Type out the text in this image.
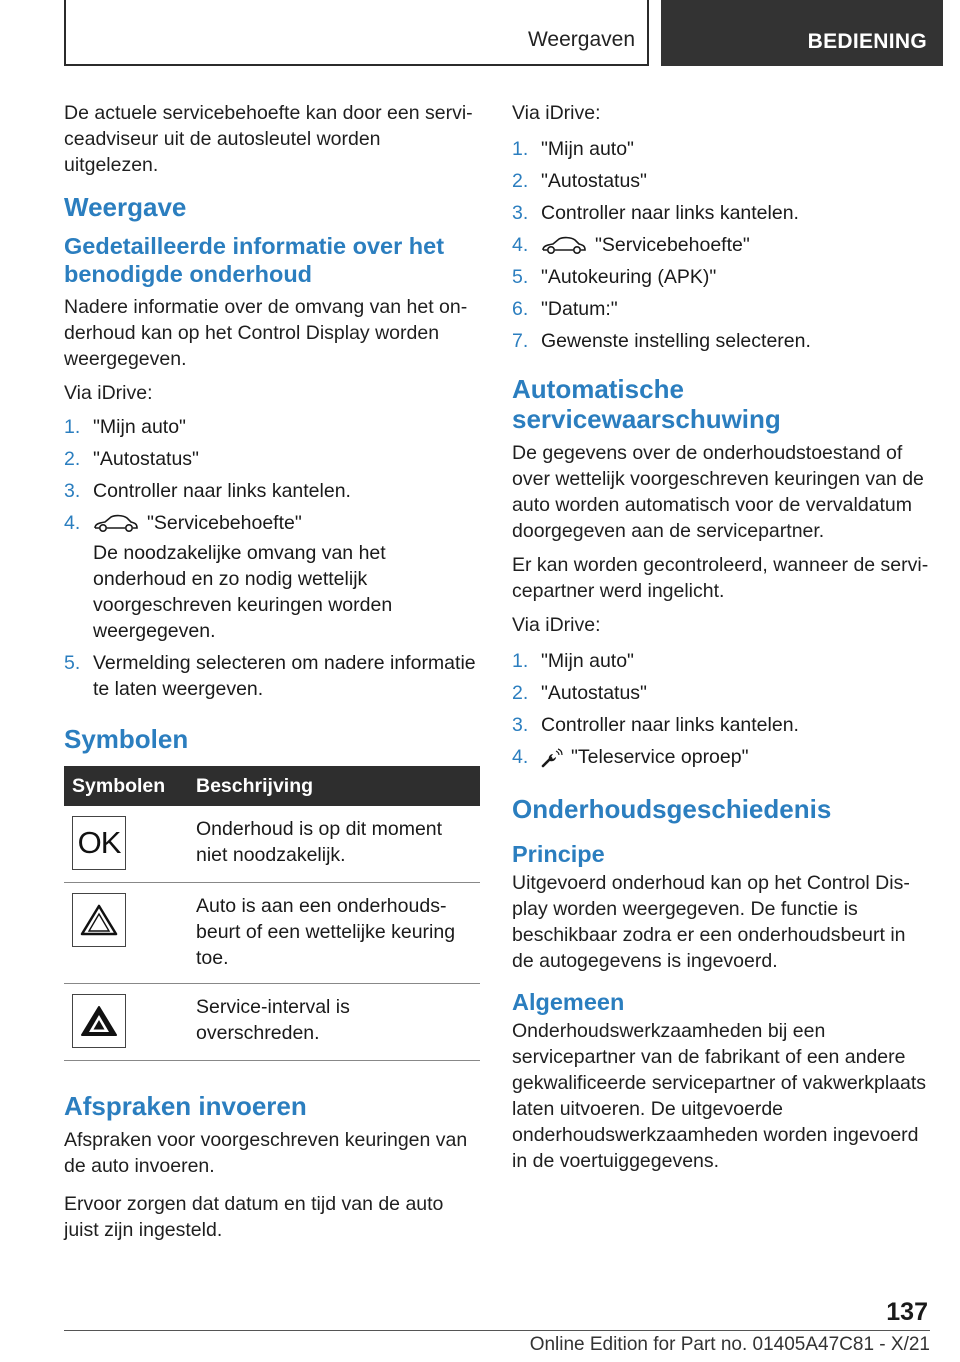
Weergaven	BEDIENING

De actuele servicebehoefte kan door een serviceadviseur uit de autosleutel worden uitgelezen.

Weergave
Gedetailleerde informatie over het benodigde onderhoud

Nadere informatie over de omvang van het onderhoud kan op het Control Display worden weergegeven.

Via iDrive:

1. "Mijn auto"
2. "Autostatus"
3. Controller naar links kantelen.
4.	"Servicebehoefte"
De noodzakelijke omvang van het onderhoud en zo nodig wettelijk voorgeschreven keuringen worden weergegeven.
5. Vermelding selecteren om nadere informatie te laten weergeven.
Symbolen
Symbolen	Beschrijving

OK	Onderhoud is op dit moment niet noodzakelijk.

	Auto is aan een onderhoudsbeurt of een wettelijke keuring toe.

	Service-interval is overschreden.
Afspraken invoeren

Afspraken voor voorgeschreven keuringen van de auto invoeren.

Ervoor zorgen dat datum en tijd van de auto juist zijn ingesteld.

Via iDrive:

1. "Mijn auto"
2. "Autostatus"
3. Controller naar links kantelen.
4.	"Servicebehoefte"
5. "Autokeuring (APK)"
6. "Datum:"
7. Gewenste instelling selecteren.
Automatische servicewaarschuwing

De gegevens over de onderhoudstoestand of over wettelijk voorgeschreven keuringen van de auto worden automatisch voor de vervaldatum doorgegeven aan de servicepartner.

Er kan worden gecontroleerd, wanneer de servicepartner werd ingelicht.

Via iDrive:

1. "Mijn auto"
2. "Autostatus"
3. Controller naar links kantelen.
4. "Teleservice oproep"
Onderhoudsgeschiedenis
Principe

Uitgevoerd onderhoud kan op het Control Display worden weergegeven. De functie is beschikbaar zodra er een onderhoudsbeurt in de autogegevens is ingevoerd.

Algemeen

Onderhoudswerkzaamheden bij een servicepartner van de fabrikant of een andere gekwalificeerde servicepartner of vakwerkplaats laten uitvoeren. De uitgevoerde onderhoudswerkzaamheden worden ingevoerd in de voertuiggegevens.

137
Online Edition for Part no. 01405A47C81 - X/21
